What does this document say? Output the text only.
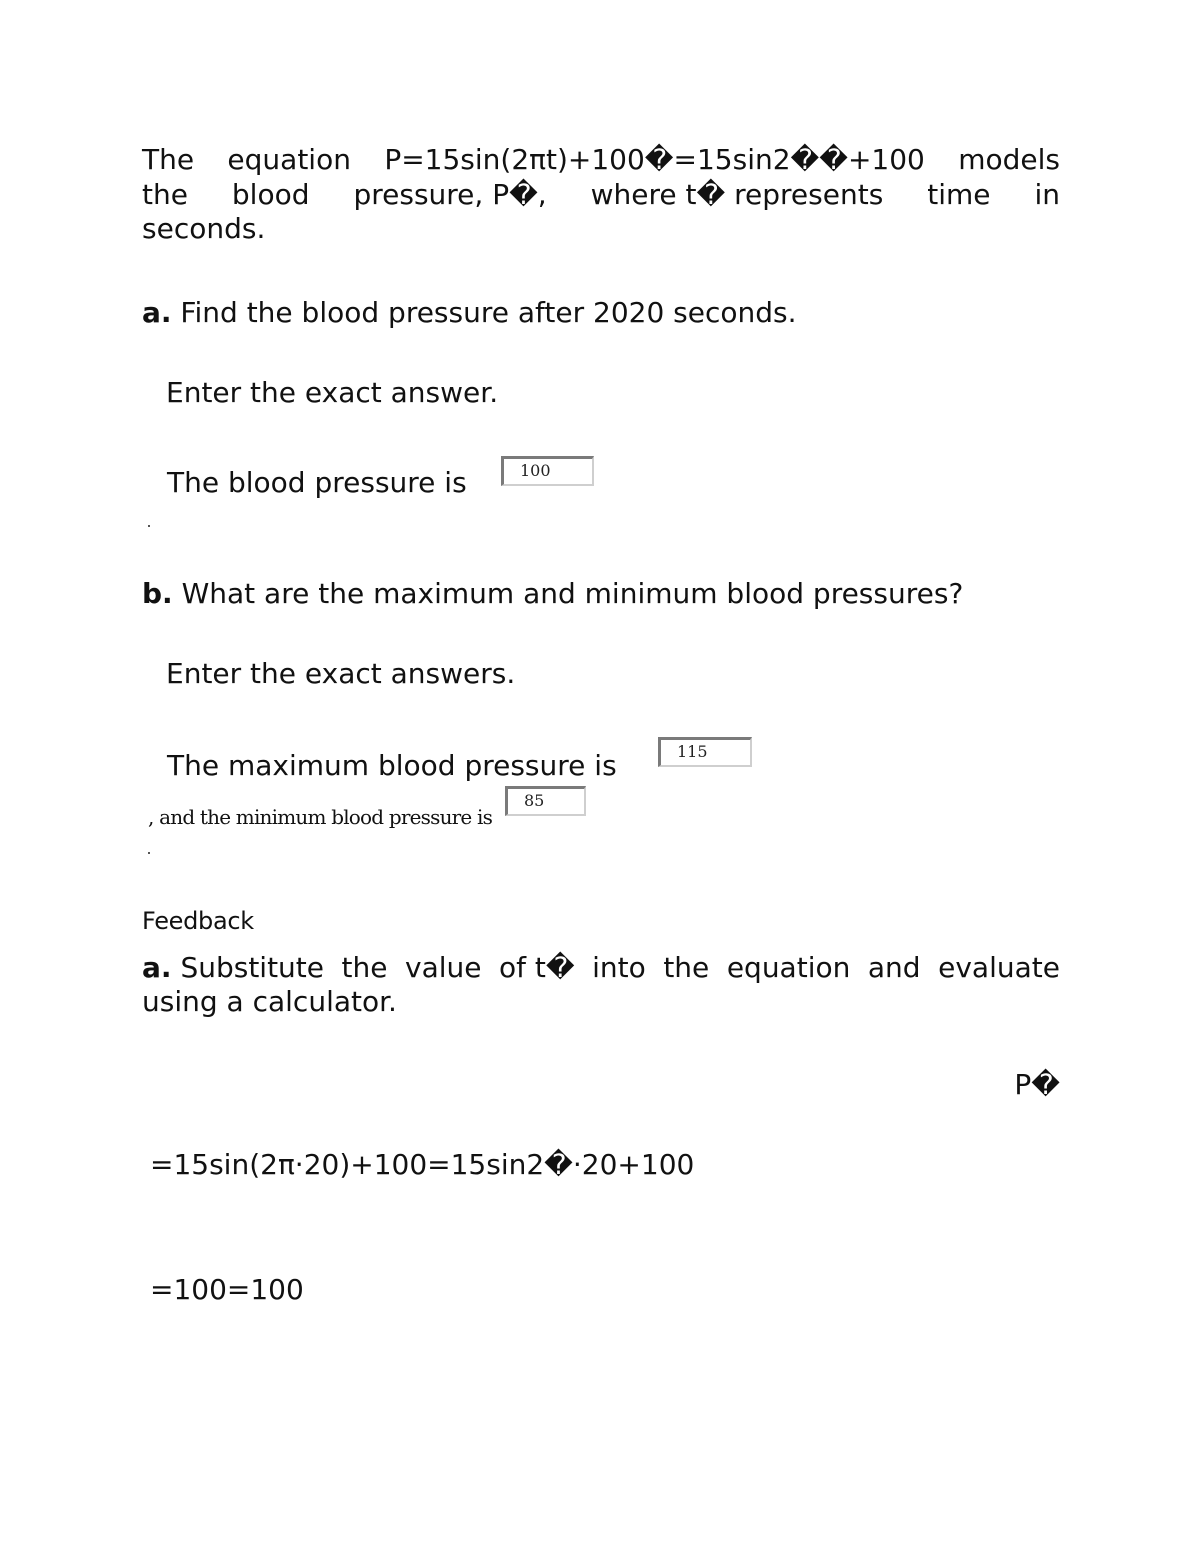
The equation P=15sin(2πt)+100�=15sin2��+100 models
the blood pressure, P�, where t� represents time in
seconds.
a. Find the blood pressure after 2020 seconds.
Enter the exact answer.
The blood pressure is	100
b. What are the maximum and minimum blood pressures?
Enter the exact answers.
The maximum blood pressure is	115
, and the minimum blood pressure is
85
Feedback
a. Substitute the value of t� into the equation and evaluate
using a calculator.
P�
=15sin(2π·20)+100=15sin2�·20+100
=100=100
